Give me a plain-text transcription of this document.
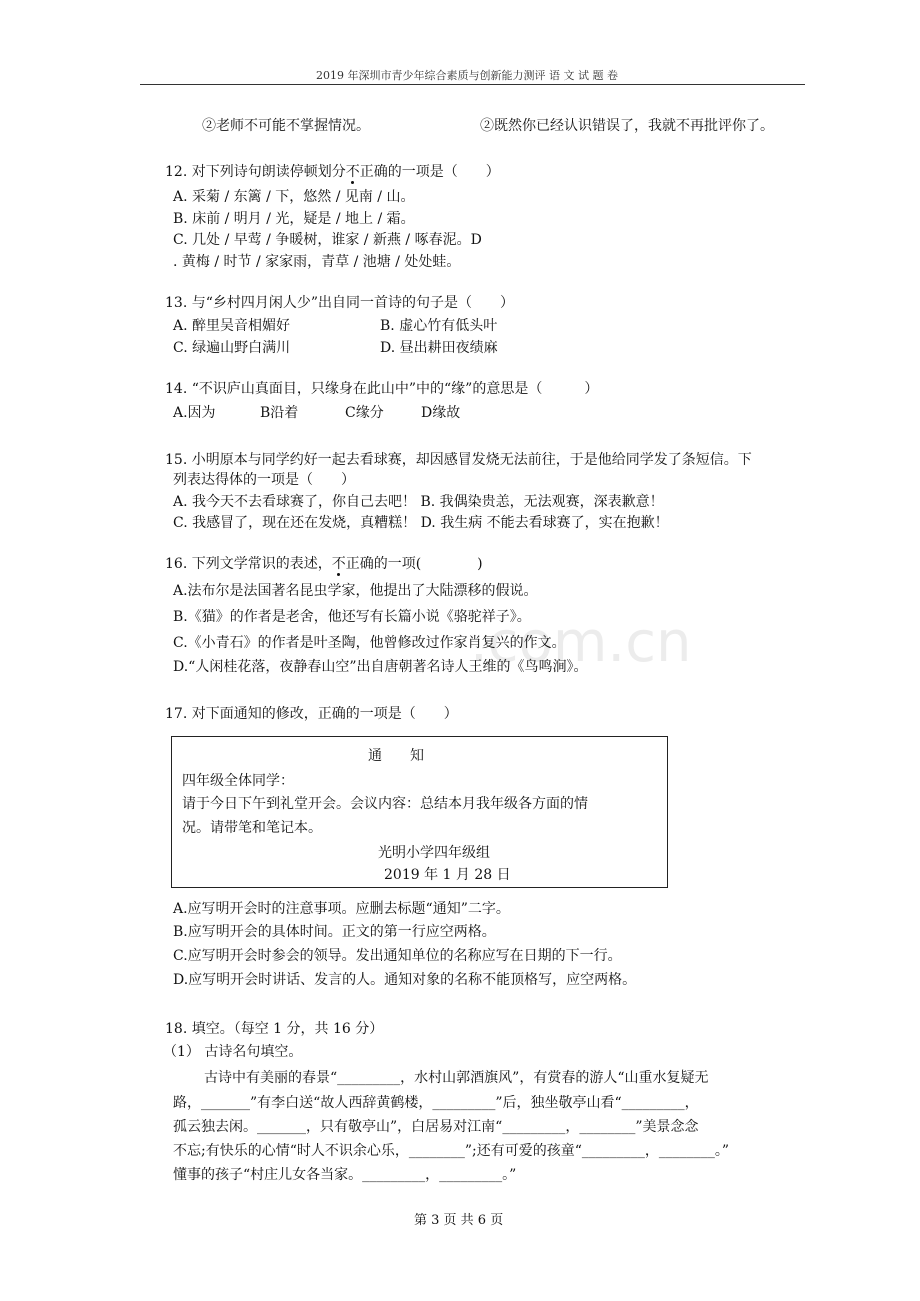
.com.cn
2019 年深圳市青少年综合素质与创新能力测评 语 文 试 题 卷
②老师不可能不掌握情况。	②既然你已经认识错误了，我就不再批评你了。
12. 对下列诗句朗读停顿划分不正确的一项是（　　）
A. 采菊 / 东篱 / 下，悠然 / 见南 / 山。
B. 床前 / 明月 / 光，疑是 / 地上 / 霜。
C. 几处 / 早莺 / 争暖树，谁家 / 新燕 / 啄春泥。D
. 黄梅 / 时节 / 家家雨，青草 / 池塘 / 处处蛙。
13. 与“乡村四月闲人少”出自同一首诗的句子是（　　）
A. 醉里吴音相媚好	B. 虚心竹有低头叶
C. 绿遍山野白满川	D. 昼出耕田夜绩麻
14. “不识庐山真面目，只缘身在此山中”中的“缘”的意思是（　　　）
A.因为	B沿着	C缘分	D缘故
15. 小明原本与同学约好一起去看球赛，却因感冒发烧无法前往，于是他给同学发了条短信。下
列表达得体的一项是（　　）
A. 我今天不去看球赛了，你自己去吧！ B. 我偶染贵恙，无法观赛，深表歉意！
C. 我感冒了，现在还在发烧，真糟糕！ D. 我生病 不能去看球赛了，实在抱歉！
16. 下列文学常识的表述，不正确的一项(　　　　)
A.法布尔是法国著名昆虫学家，他提出了大陆漂移的假说。
B.《猫》的作者是老舍，他还写有长篇小说《骆驼祥子》。
C.《小青石》的作者是叶圣陶，他曾修改过作家肖复兴的作文。
D.“人闲桂花落，夜静春山空”出自唐朝著名诗人王维的《鸟鸣涧》。
17. 对下面通知的修改，正确的一项是（　　）
通　　知
四年级全体同学：
请于今日下午到礼堂开会。会议内容：总结本月我年级各方面的情
况。请带笔和笔记本。
光明小学四年级组
2019 年 1 月 28 日
A.应写明开会时的注意事项。应删去标题“通知”二字。
B.应写明开会的具体时间。正文的第一行应空两格。
C.应写明开会时参会的领导。发出通知单位的名称应写在日期的下一行。
D.应写明开会时讲话、发言的人。通知对象的名称不能顶格写，应空两格。
18. 填空。（每空 1 分，共 16 分）
（1） 古诗名句填空。
古诗中有美丽的春景“_________，水村山郭酒旗风”，有赏春的游人“山重水复疑无
路，_______”有李白送“故人西辞黄鹤楼，_________”后，独坐敬亭山看“_________，
孤云独去闲。_______，只有敬亭山”，白居易对江南“_________，________”美景念念
不忘;有快乐的心情“时人不识余心乐，________”;还有可爱的孩童“_________，________。”
懂事的孩子“村庄儿女各当家。_________，_________。”
第 3 页 共 6 页
